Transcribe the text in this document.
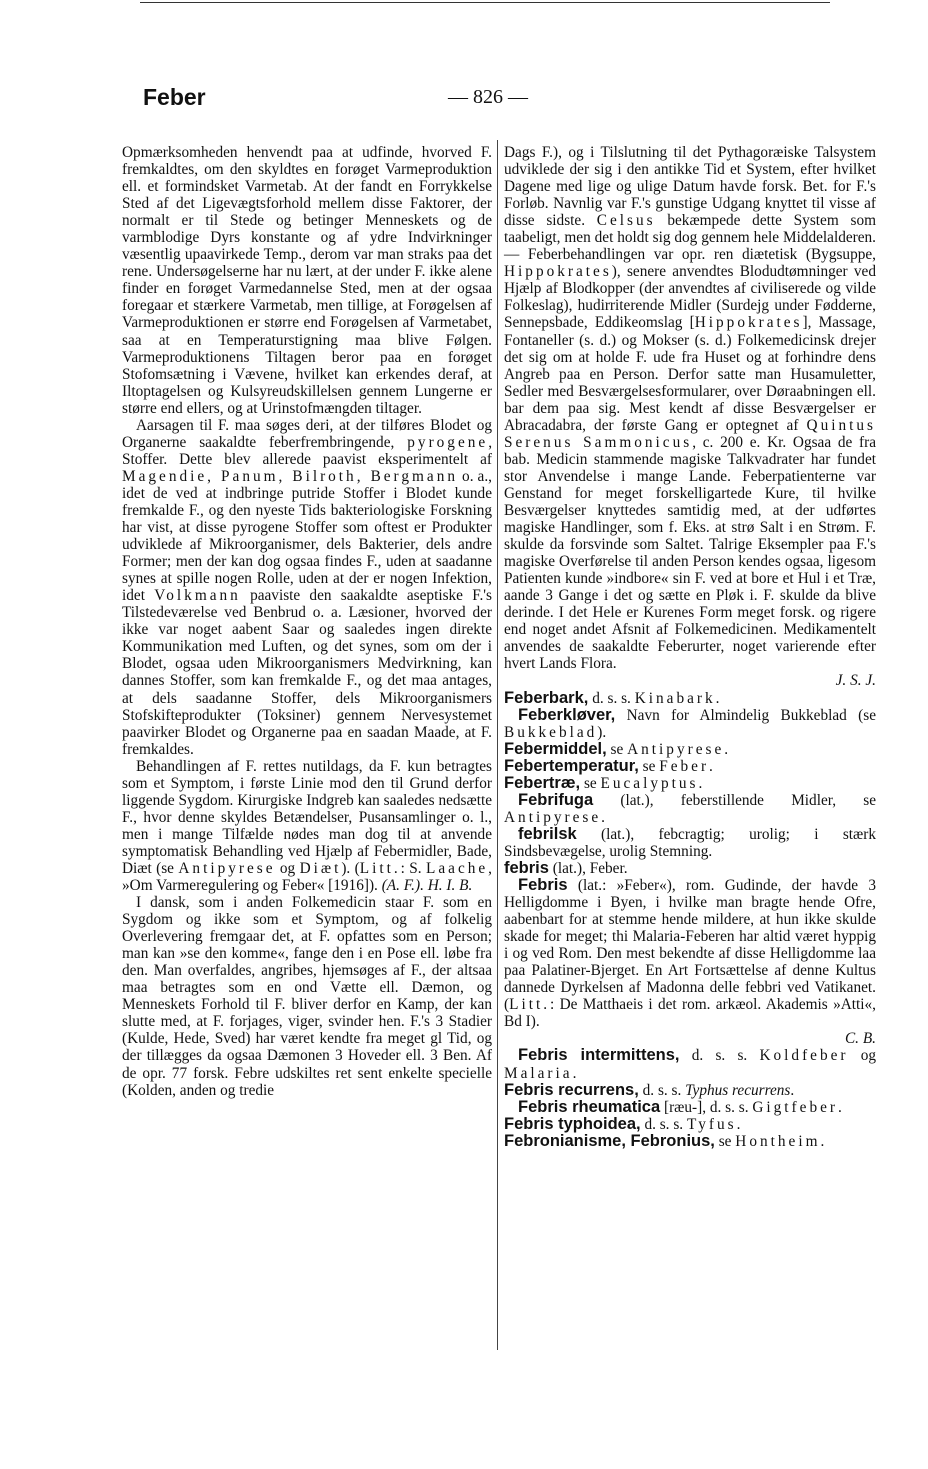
Feber	— 826 —

Opmærksomheden henvendt paa at udfinde, hvorved F. fremkaldtes, om den skyldtes en forøget Varmeproduktion ell. et formindsket Varmetab. At der fandt en Forrykkelse Sted af det Ligevægtsforhold mellem disse Faktorer, der normalt er til Stede og betinger Menneskets og de varmblodige Dyrs konstante og af ydre Indvirkninger væsentlig upaavirkede Temp., derom var man straks paa det rene. Undersøgelserne har nu lært, at der under F. ikke alene finder en forøget Varmedannelse Sted, men at der ogsaa foregaar et stærkere Varmetab, men tillige, at Forøgelsen af Varmeproduktionen er større end Forøgelsen af Varmetabet, saa at en Temperaturstigning maa blive Følgen. Varmeproduktionens Tiltagen beror paa en forøget Stofomsætning i Vævene, hvilket kan erkendes deraf, at Iltoptagelsen og Kulsyreudskillelsen gennem Lungerne er større end ellers, og at Urinstofmængden tiltager.

Aarsagen til F. maa søges deri, at der tilføres Blodet og Organerne saakaldte feberfrembringende, pyrogene, Stoffer. Dette blev allerede paavist eksperimentelt af Magendie, Panum, Bilroth, Bergmann o. a., idet de ved at indbringe putride Stoffer i Blodet kunde fremkalde F., og den nyeste Tids bakteriologiske Forskning har vist, at disse pyrogene Stoffer som oftest er Produkter udviklede af Mikroorganismer, dels Bakterier, dels andre Former; men der kan dog ogsaa findes F., uden at saadanne synes at spille nogen Rolle, uden at der er nogen Infektion, idet Volkmann paaviste den saakaldte aseptiske F.'s Tilstedeværelse ved Benbrud o. a. Læsioner, hvorved der ikke var noget aabent Saar og saaledes ingen direkte Kommunikation med Luften, og det synes, som om der i Blodet, ogsaa uden Mikroorganismers Medvirkning, kan dannes Stoffer, som kan fremkalde F., og det maa antages, at dels saadanne Stoffer, dels Mikroorganismers Stofskifteprodukter (Toksiner) gennem Nervesystemet paavirker Blodet og Organerne paa en saadan Maade, at F. fremkaldes.

Behandlingen af F. rettes nutildags, da F. kun betragtes som et Symptom, i første Linie mod den til Grund derfor liggende Sygdom. Kirurgiske Indgreb kan saaledes nedsætte F., hvor denne skyldes Betændelser, Pusansamlinger o. l., men i mange Tilfælde nødes man dog til at anvende symptomatisk Behandling ved Hjælp af Febermidler, Bade, Diæt (se Antipyrese og Diæt). (Litt.: S. Laache, »Om Varmeregulering og Feber« [1916]). (A. F.). H. I. B.

I dansk, som i anden Folkemedicin staar F. som en Sygdom og ikke som et Symptom, og af folkelig Overlevering fremgaar det, at F. opfattes som en Person; man kan »se den komme«, fange den i en Pose ell. løbe fra den. Man overfaldes, angribes, hjemsøges af F., der altsaa maa betragtes som en ond Vætte ell. Dæmon, og Menneskets Forhold til F. bliver derfor en Kamp, der kan slutte med, at F. forjages, viger, svinder hen. F.'s 3 Stadier (Kulde, Hede, Sved) har været kendte fra meget gl Tid, og der tillægges da ogsaa Dæmonen 3 Hoveder ell. 3 Ben. Af de opr. 77 forsk. Febre udskiltes ret sent enkelte specielle (Kolden, anden og tredie

Dags F.), og i Tilslutning til det Pythagoræiske Talsystem udviklede der sig i den antikke Tid et System, efter hvilket Dagene med lige og ulige Datum havde forsk. Bet. for F.'s Forløb. Navnlig var F.'s gunstige Udgang knyttet til visse af disse sidste. Celsus bekæmpede dette System som taabeligt, men det holdt sig dog gennem hele Middelalderen. — Feberbehandlingen var opr. ren diætetisk (Bygsuppe, Hippokrates), senere anvendtes Blodudtømninger ved Hjælp af Blodkopper (der anvendtes af civiliserede og vilde Folkeslag), hudirriterende Midler (Surdejg under Fødderne, Sennepsbade, Eddikeomslag [Hippokrates], Massage, Fontaneller (s. d.) og Mokser (s. d.) Folkemedicinsk drejer det sig om at holde F. ude fra Huset og at forhindre dens Angreb paa en Person. Derfor satte man Husamuletter, Sedler med Besværgelsesformularer, over Døraabningen ell. bar dem paa sig. Mest kendt af disse Besværgelser er Abracadabra, der første Gang er optegnet af Quintus Serenus Sammonicus, c. 200 e. Kr. Ogsaa de fra bab. Medicin stammende magiske Talkvadrater har fundet stor Anvendelse i mange Lande. Feberpatienterne var Genstand for meget forskelligartede Kure, til hvilke Besværgelser knyttedes samtidig med, at der udførtes magiske Handlinger, som f. Eks. at strø Salt i en Strøm. F. skulde da forsvinde som Saltet. Talrige Eksempler paa F.'s magiske Overførelse til anden Person kendes ogsaa, ligesom Patienten kunde »indbore« sin F. ved at bore et Hul i et Træ, aande 3 Gange i det og sætte en Pløk i. F. skulde da blive derinde. I det Hele er Kurenes Form meget forsk. og rigere end noget andet Afsnit af Folkemedicinen. Medikamentelt anvendes de saakaldte Feberurter, noget varierende efter hvert Lands Flora.

J. S. J.
Feberbark, d. s. s. Kinabark.
Feberkløver, Navn for Almindelig Bukkeblad (se Bukkeblad).
Febermiddel, se Antipyrese.
Febertemperatur, se Feber.
Febertræ, se Eucalyptus.
Febrifuga (lat.), feberstillende Midler, se Antipyrese.
febrilsk (lat.), febcragtig; urolig; i stærk Sindsbevægelse, urolig Stemning.
febris (lat.), Feber.
Febris (lat.: »Feber«), rom. Gudinde, der havde 3 Helligdomme i Byen, i hvilke man bragte hende Ofre, aabenbart for at stemme hende mildere, at hun ikke skulde skade for meget; thi Malaria-Feberen har altid været hyppig i og ved Rom. Den mest bekendte af disse Helligdomme laa paa Palatiner-Bjerget. En Art Fortsættelse af denne Kultus dannede Dyrkelsen af Madonna delle febbri ved Vatikanet. (Litt.: De Matthaeis i det rom. arkæol. Akademis »Atti«, Bd I).
C. B.
Febris intermittens, d. s. s. Koldfeber og Malaria.
Febris recurrens, d. s. s. Typhus recurrens.
Febris rheumatica [ræu-], d. s. s. Gigtfeber.
Febris typhoidea, d. s. s. Tyfus.
Febronianisme, Febronius, se Hontheim.
